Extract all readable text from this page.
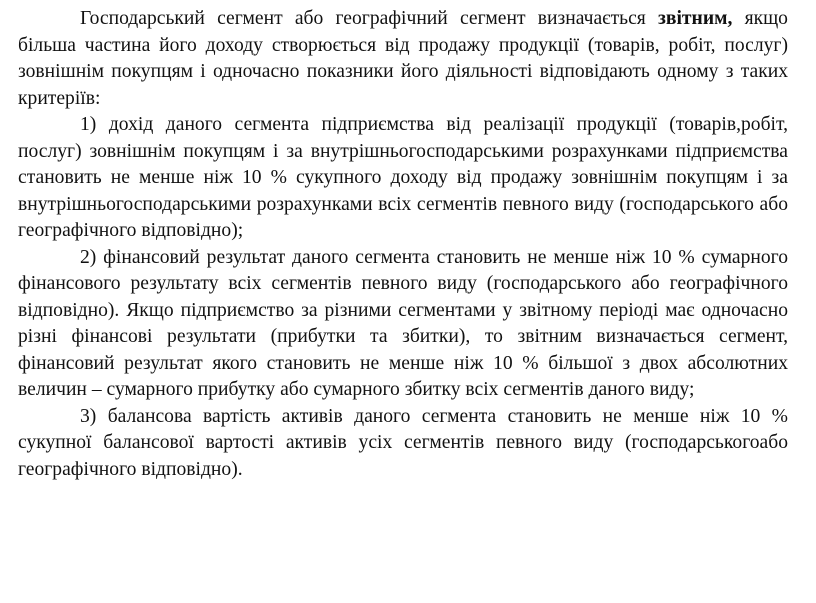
Господарський сегмент або географічний сегмент визначається звітним, якщо більша частина його доходу створюється від продажу продукції (товарів, робіт, послуг) зовнішнім покупцям і одночасно показники його діяльності відповідають одному з таких критеріїв:

1) дохід даного сегмента підприємства від реалізації продукції (товарів,робіт, послуг) зовнішнім покупцям і за внутрішньогосподарськими розрахунками підприємства становить не менше ніж 10 % сукупного доходу від продажу зовнішнім покупцям і за внутрішньогосподарськими розрахунками всіх сегментів певного виду (господарського або географічного відповідно);

2) фінансовий результат даного сегмента становить не менше ніж 10 % сумарного фінансового результату всіх сегментів певного виду (господарського або географічного відповідно). Якщо підприємство за різними сегментами у звітному періоді має одночасно різні фінансові результати (прибутки та збитки), то звітним визначається сегмент, фінансовий результат якого становить не менше ніж 10 % більшої з двох абсолютних величин – сумарного прибутку або сумарного збитку всіх сегментів даного виду;

3) балансова вартість активів даного сегмента становить не менше ніж 10 % сукупної балансової вартості активів усіх сегментів певного виду (господарськогоабо географічного відповідно).
